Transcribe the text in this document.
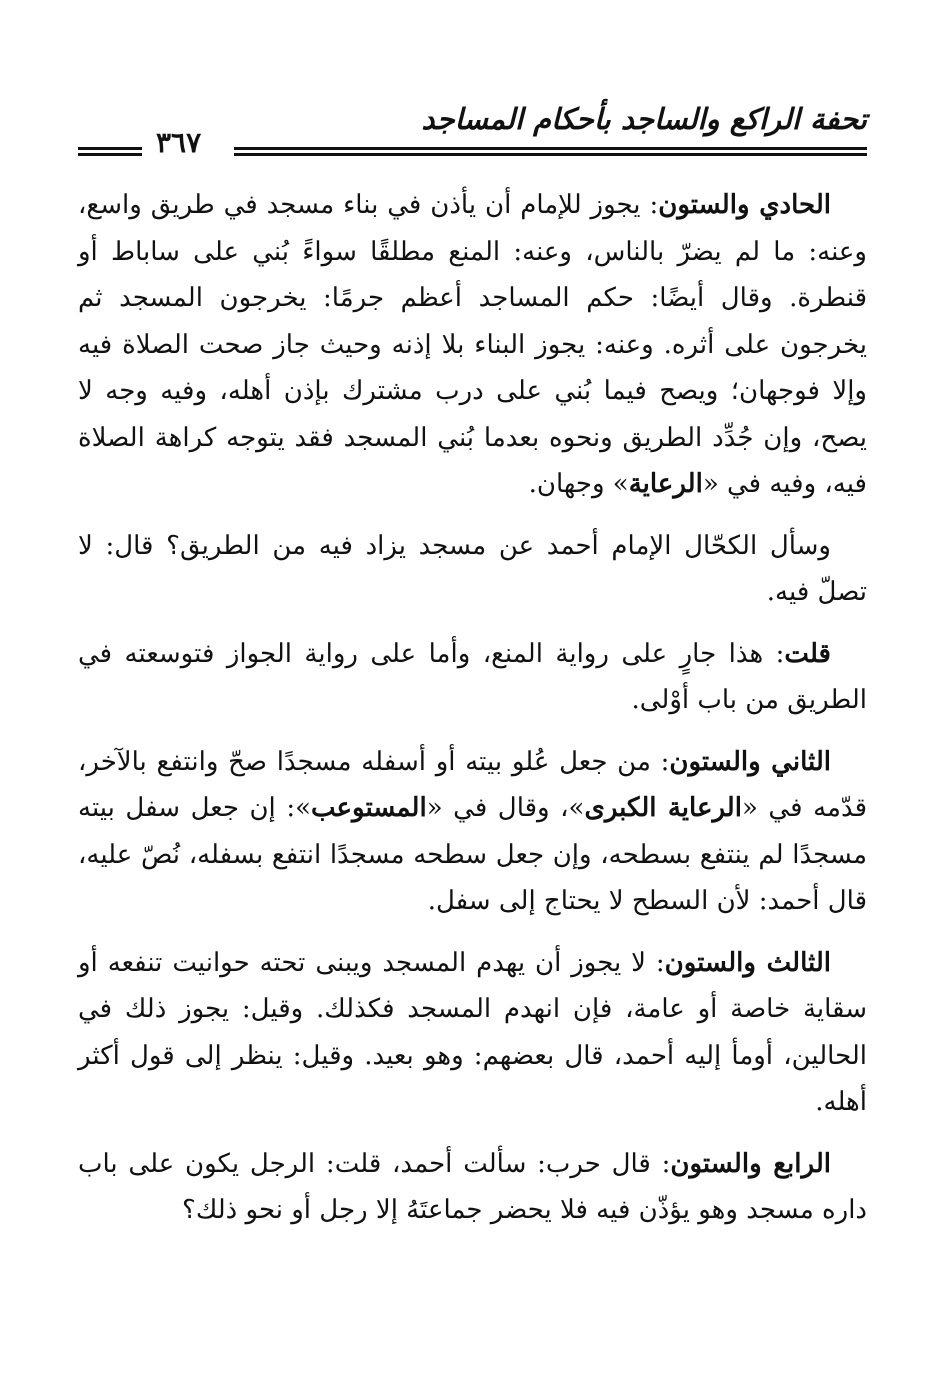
تحفة الراكع والساجد بأحكام المساجد
٣٦٧

الحادي والستون: يجوز للإمام أن يأذن في بناء مسجد في طريق واسع، وعنه: ما لم يضرّ بالناس، وعنه: المنع مطلقًا سواءً بُني على ساباط أو قنطرة. وقال أيضًا: حكم المساجد أعظم جرمًا: يخرجون المسجد ثم يخرجون على أثره. وعنه: يجوز البناء بلا إذنه وحيث جاز صحت الصلاة فيه وإلا فوجهان؛ ويصح فيما بُني على درب مشترك بإذن أهله، وفيه وجه لا يصح، وإن جُدِّد الطريق ونحوه بعدما بُني المسجد فقد يتوجه كراهة الصلاة فيه، وفيه في «الرعاية» وجهان.

وسأل الكحّال الإمام أحمد عن مسجد يزاد فيه من الطريق؟ قال: لا تصلّ فيه.

قلت: هذا جارٍ على رواية المنع، وأما على رواية الجواز فتوسعته في الطريق من باب أوْلى.

الثاني والستون: من جعل عُلو بيته أو أسفله مسجدًا صحّ وانتفع بالآخر، قدّمه في «الرعاية الكبرى»، وقال في «المستوعب»: إن جعل سفل بيته مسجدًا لم ينتفع بسطحه، وإن جعل سطحه مسجدًا انتفع بسفله، نُصّ عليه، قال أحمد: لأن السطح لا يحتاج إلى سفل.

الثالث والستون: لا يجوز أن يهدم المسجد ويبنى تحته حوانيت تنفعه أو سقاية خاصة أو عامة، فإن انهدم المسجد فكذلك. وقيل: يجوز ذلك في الحالين، أومأ إليه أحمد، قال بعضهم: وهو بعيد. وقيل: ينظر إلى قول أكثر أهله.

الرابع والستون: قال حرب: سألت أحمد، قلت: الرجل يكون على باب داره مسجد وهو يؤذّن فيه فلا يحضر جماعتَهُ إلا رجل أو نحو ذلك؟
